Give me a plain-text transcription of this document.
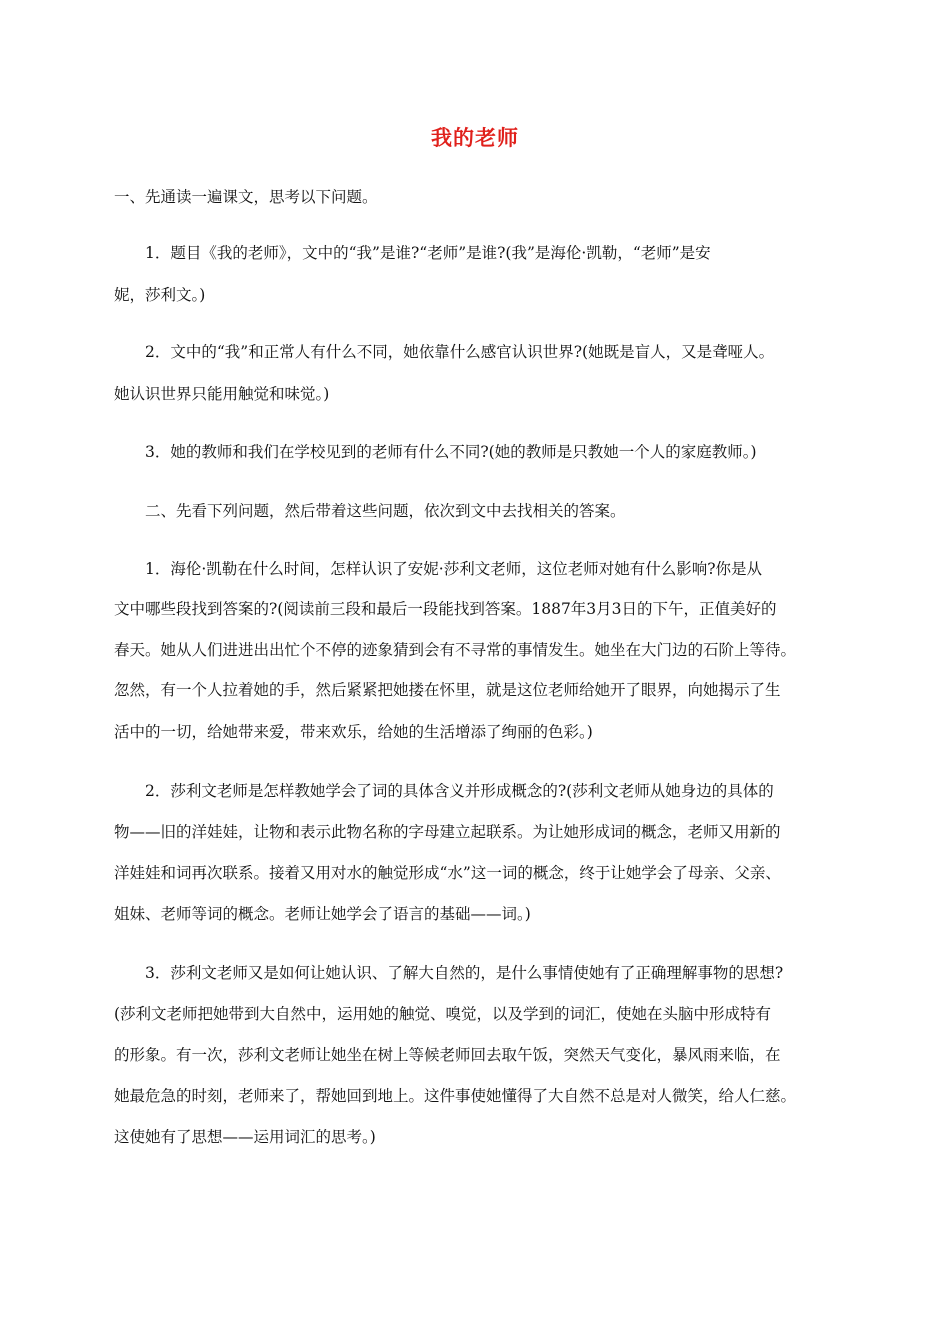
我的老师
一、先通读一遍课文，思考以下问题。
1．题目《我的老师》，文中的“我”是谁?“老师”是谁?(我”是海伦·凯勒，“老师”是安
妮，莎利文。)
2．文中的“我”和正常人有什么不同，她依靠什么感官认识世界?(她既是盲人，又是聋哑人。
她认识世界只能用触觉和味觉。)
3．她的教师和我们在学校见到的老师有什么不同?(她的教师是只教她一个人的家庭教师。)
二、先看下列问题，然后带着这些问题，依次到文中去找相关的答案。
1．海伦·凯勒在什么时间，怎样认识了安妮·莎利文老师，这位老师对她有什么影响?你是从
文中哪些段找到答案的?(阅读前三段和最后一段能找到答案。1887年3月3日的下午，正值美好的
春天。她从人们进进出出忙个不停的迹象猜到会有不寻常的事情发生。她坐在大门边的石阶上等待。
忽然，有一个人拉着她的手，然后紧紧把她搂在怀里，就是这位老师给她开了眼界，向她揭示了生
活中的一切，给她带来爱，带来欢乐，给她的生活增添了绚丽的色彩。)
2．莎利文老师是怎样教她学会了词的具体含义并形成概念的?(莎利文老师从她身边的具体的
物——旧的洋娃娃，让物和表示此物名称的字母建立起联系。为让她形成词的概念，老师又用新的
洋娃娃和词再次联系。接着又用对水的触觉形成“水”这一词的概念，终于让她学会了母亲、父亲、
姐妹、老师等词的概念。老师让她学会了语言的基础——词。)
3．莎利文老师又是如何让她认识、了解大自然的，是什么事情使她有了正确理解事物的思想?
(莎利文老师把她带到大自然中，运用她的触觉、嗅觉，以及学到的词汇，使她在头脑中形成特有
的形象。有一次，莎利文老师让她坐在树上等候老师回去取午饭，突然天气变化，暴风雨来临，在
她最危急的时刻，老师来了，帮她回到地上。这件事使她懂得了大自然不总是对人微笑，给人仁慈。
这使她有了思想——运用词汇的思考。)
